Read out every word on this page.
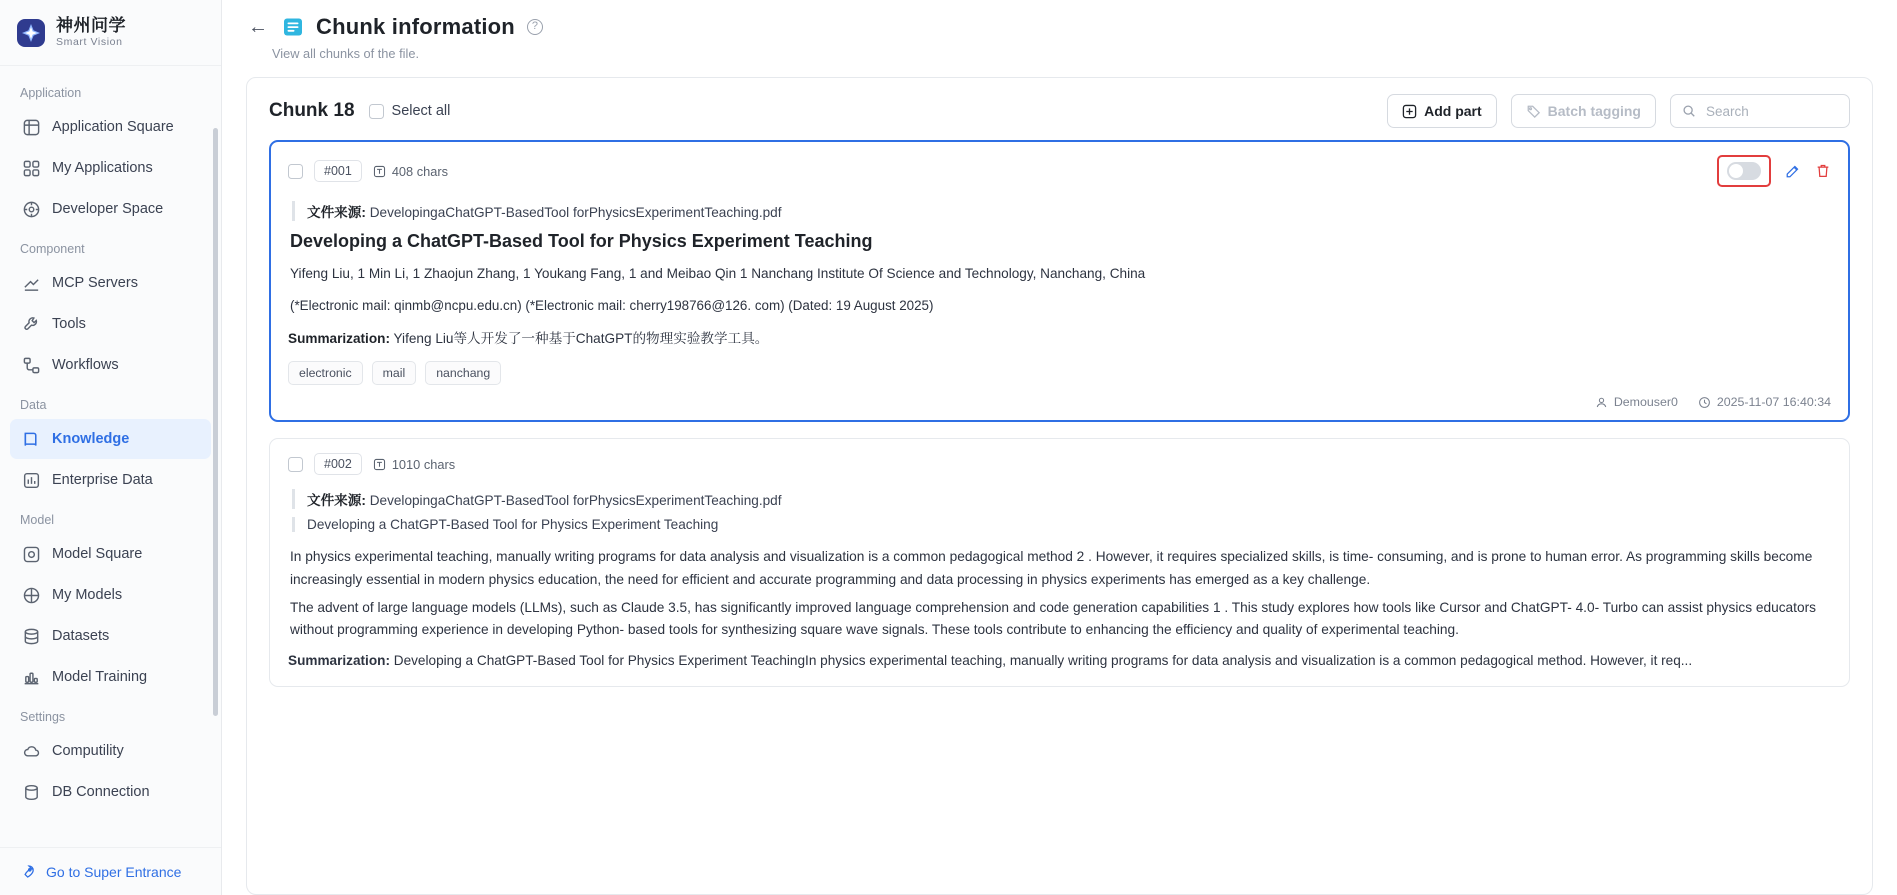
神州问学
Smart Vision
Application
Application Square
My Applications
Developer Space
Component
MCP Servers
Tools
Workflows
Data
Knowledge
Enterprise Data
Model
Model Square
My Models
Datasets
Model Training
Settings
Computility
DB Connection
Go to Super Entrance
← Chunk information	?
View all chunks of the file.
Chunk 18	Select all	Add part	Batch tagging
Search
#001	408 chars
文件来源: DevelopingaChatGPT-BasedTool forPhysicsExperimentTeaching.pdf
Developing a ChatGPT-Based Tool for Physics Experiment Teaching
Yifeng Liu, 1 Min Li, 1 Zhaojun Zhang, 1 Youkang Fang, 1 and Meibao Qin 1 Nanchang Institute Of Science and Technology, Nanchang, China
(*Electronic mail: qinmb@ncpu.edu.cn) (*Electronic mail: cherry198766@126. com) (Dated: 19 August 2025)
Summarization: Yifeng Liu等人开发了一种基于ChatGPT的物理实验教学工具。
electronic	mail	nanchang
Demouser0	2025-11-07 16:40:34
#002	1010 chars
文件来源: DevelopingaChatGPT-BasedTool forPhysicsExperimentTeaching.pdf
Developing a ChatGPT-Based Tool for Physics Experiment Teaching
In physics experimental teaching, manually writing programs for data analysis and visualization is a common pedagogical method 2 . However, it requires specialized skills, is time- consuming, and is prone to human error. As programming skills become increasingly essential in modern physics education, the need for efficient and accurate programming and data processing in physics experiments has emerged as a key challenge.
The advent of large language models (LLMs), such as Claude 3.5, has significantly improved language comprehension and code generation capabilities 1 . This study explores how tools like Cursor and ChatGPT- 4.0- Turbo can assist physics educators without programming experience in developing Python- based tools for synthesizing square wave signals. These tools contribute to enhancing the efficiency and quality of experimental teaching.
Summarization: Developing a ChatGPT-Based Tool for Physics Experiment TeachingIn physics experimental teaching, manually writing programs for data analysis and visualization is a common pedagogical method. However, it req...
